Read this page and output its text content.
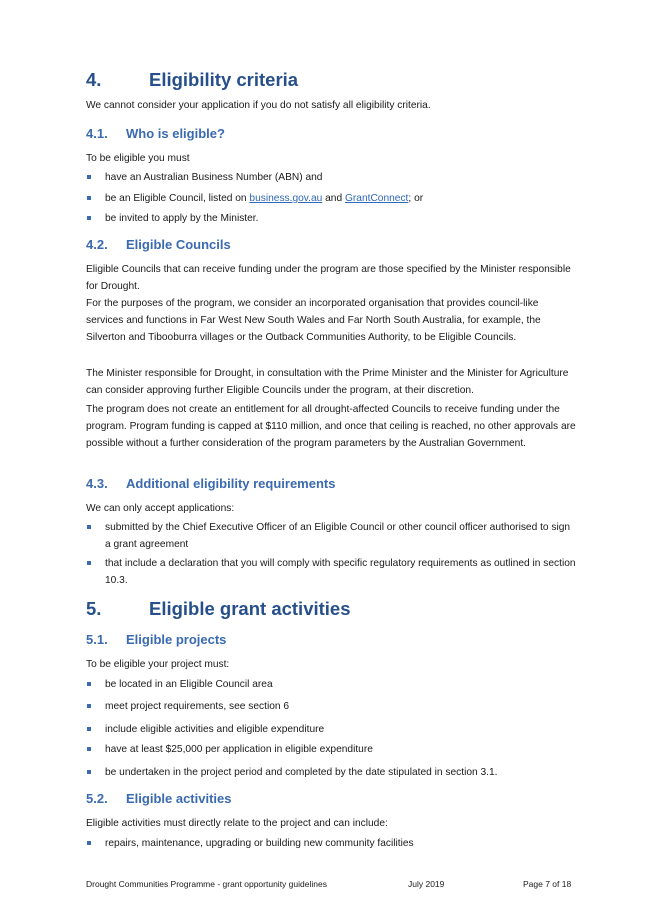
4.	Eligibility criteria

We cannot consider your application if you do not satisfy all eligibility criteria.

4.1. Who is eligible?

To be eligible you must

have an Australian Business Number (ABN) and
be an Eligible Council, listed on business.gov.au and GrantConnect; or
be invited to apply by the Minister.
4.2. Eligible Councils

Eligible Councils that can receive funding under the program are those specified by the Minister responsible for Drought.

For the purposes of the program, we consider an incorporated organisation that provides council-like services and functions in Far West New South Wales and Far North South Australia, for example, the Silverton and Tibooburra villages or the Outback Communities Authority, to be Eligible Councils.

The Minister responsible for Drought, in consultation with the Prime Minister and the Minister for Agriculture can consider approving further Eligible Councils under the program, at their discretion.

The program does not create an entitlement for all drought-affected Councils to receive funding under the program. Program funding is capped at $110 million, and once that ceiling is reached, no other approvals are possible without a further consideration of the program parameters by the Australian Government.

4.3. Additional eligibility requirements

We can only accept applications:

submitted by the Chief Executive Officer of an Eligible Council or other council officer authorised to sign a grant agreement
that include a declaration that you will comply with specific regulatory requirements as outlined in section 10.3.
5.	Eligible grant activities
5.1. Eligible projects

To be eligible your project must:

be located in an Eligible Council area
meet project requirements, see section 6
include eligible activities and eligible expenditure
have at least $25,000 per application in eligible expenditure
be undertaken in the project period and completed by the date stipulated in section 3.1.
5.2. Eligible activities

Eligible activities must directly relate to the project and can include:

repairs, maintenance, upgrading or building new community facilities
Drought Communities Programme - grant opportunity guidelines	July 2019	Page 7 of 18
